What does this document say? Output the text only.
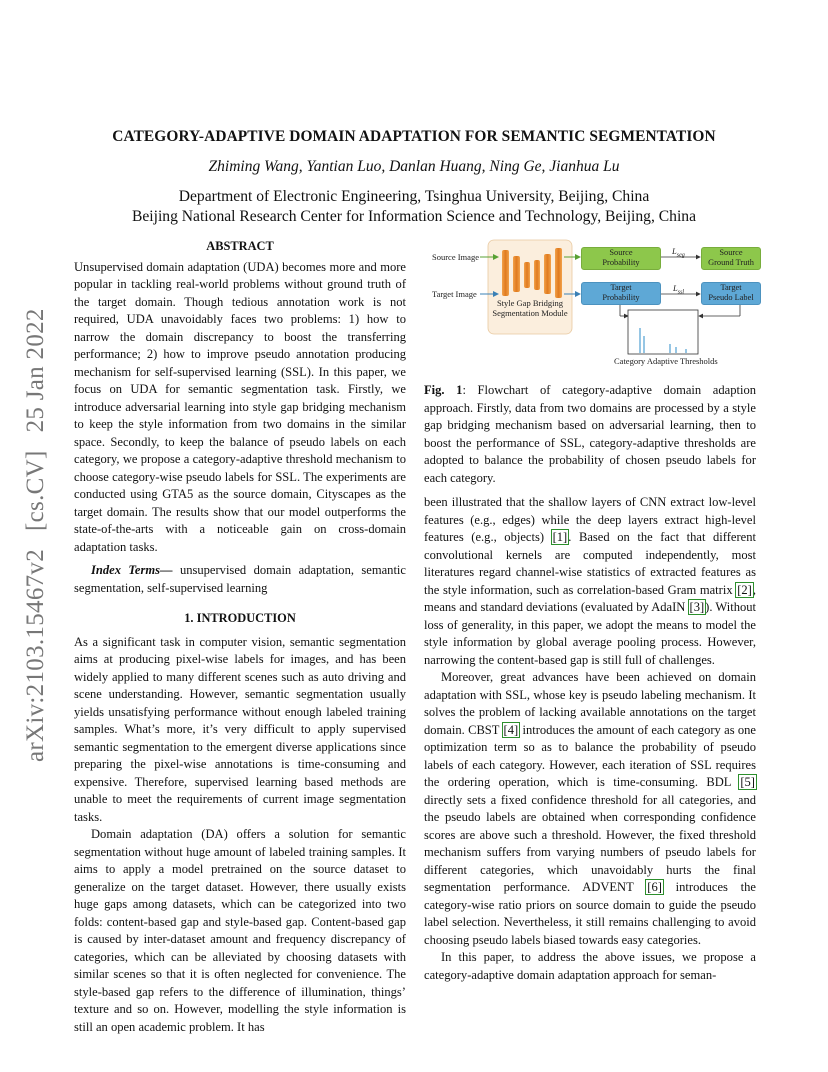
arXiv:2103.15467v2[cs.CV]25 Jan 2022
CATEGORY-ADAPTIVE DOMAIN ADAPTATION FOR SEMANTIC SEGMENTATION
Zhiming Wang, Yantian Luo, Danlan Huang, Ning Ge, Jianhua Lu
Department of Electronic Engineering, Tsinghua University, Beijing, China
Beijing National Research Center for Information Science and Technology, Beijing, China
ABSTRACT

Unsupervised domain adaptation (UDA) becomes more and more popular in tackling real-world problems without ground truth of the target domain. Though tedious annotation work is not required, UDA unavoidably faces two problems: 1) how to narrow the domain discrepancy to boost the transferring performance; 2) how to improve pseudo annotation producing mechanism for self-supervised learning (SSL). In this paper, we focus on UDA for semantic segmentation task. Firstly, we introduce adversarial learning into style gap bridging mechanism to keep the style information from two domains in the similar space. Secondly, to keep the balance of pseudo labels on each category, we propose a category-adaptive threshold mechanism to choose category-wise pseudo labels for SSL. The experiments are conducted using GTA5 as the source domain, Cityscapes as the target domain. The results show that our model outperforms the state-of-the-arts with a noticeable gain on cross-domain adaptation tasks.

Index Terms— unsupervised domain adaptation, semantic segmentation, self-supervised learning

1. INTRODUCTION

As a significant task in computer vision, semantic segmentation aims at producing pixel-wise labels for images, and has been widely applied to many different scenes such as auto driving and scene understanding. However, semantic segmentation usually yields unsatisfying performance without enough labeled training samples. What’s more, it’s very difficult to apply supervised semantic segmentation to the emergent diverse applications since preparing the pixel-wise annotations is time-consuming and expensive. Therefore, supervised learning based methods are unable to meet the requirements of current image segmentation tasks.

Domain adaptation (DA) offers a solution for semantic segmentation without huge amount of labeled training samples. It aims to apply a model pretrained on the source dataset to generalize on the target dataset. However, there usually exists huge gaps among datasets, which can be categorized into two folds: content-based gap and style-based gap. Content-based gap is caused by inter-dataset amount and frequency discrepancy of categories, which can be alleviated by choosing datasets with similar scenes so that it is often neglected for convenience. The style-based gap refers to the difference of illumination, things’ texture and so on. However, modelling the style information is still an open academic problem. It has

Source Image
Target Image
Style Gap Bridging
Segmentation Module
Source
Probability
Target
Probability
Source
Ground Truth
Target
Pseudo Label
$L_{seg}$
$L_{ssl}$
Category Adaptive Thresholds
Fig. 1: Flowchart of category-adaptive domain adaption approach. Firstly, data from two domains are processed by a style gap bridging mechanism based on adversarial learning, then to boost the performance of SSL, category-adaptive thresholds are adopted to balance the probability of chosen pseudo labels for each category.

been illustrated that the shallow layers of CNN extract low-level features (e.g., edges) while the deep layers extract high-level features (e.g., objects) [1]. Based on the fact that different convolutional kernels are computed independently, most literatures regard channel-wise statistics of extracted features as the style information, such as correlation-based Gram matrix [2], means and standard deviations (evaluated by AdaIN [3]). Without loss of generality, in this paper, we adopt the means to model the style information by global average pooling process. However, narrowing the content-based gap is still full of challenges.

Moreover, great advances have been achieved on domain adaptation with SSL, whose key is pseudo labeling mechanism. It solves the problem of lacking available annotations on the target domain. CBST [4] introduces the amount of each category as one optimization term so as to balance the probability of pseudo labels of each category. However, each iteration of SSL requires the ordering operation, which is time-consuming. BDL [5] directly sets a fixed confidence threshold for all categories, and the pseudo labels are obtained when corresponding confidence scores are above such a threshold. However, the fixed threshold mechanism suffers from varying numbers of pseudo labels for different categories, which unavoidably hurts the final segmentation performance. ADVENT [6] introduces the category-wise ratio priors on source domain to guide the pseudo label selection. Nevertheless, it still remains challenging to avoid choosing pseudo labels biased towards easy categories.

In this paper, to address the above issues, we propose a category-adaptive domain adaptation approach for seman-
